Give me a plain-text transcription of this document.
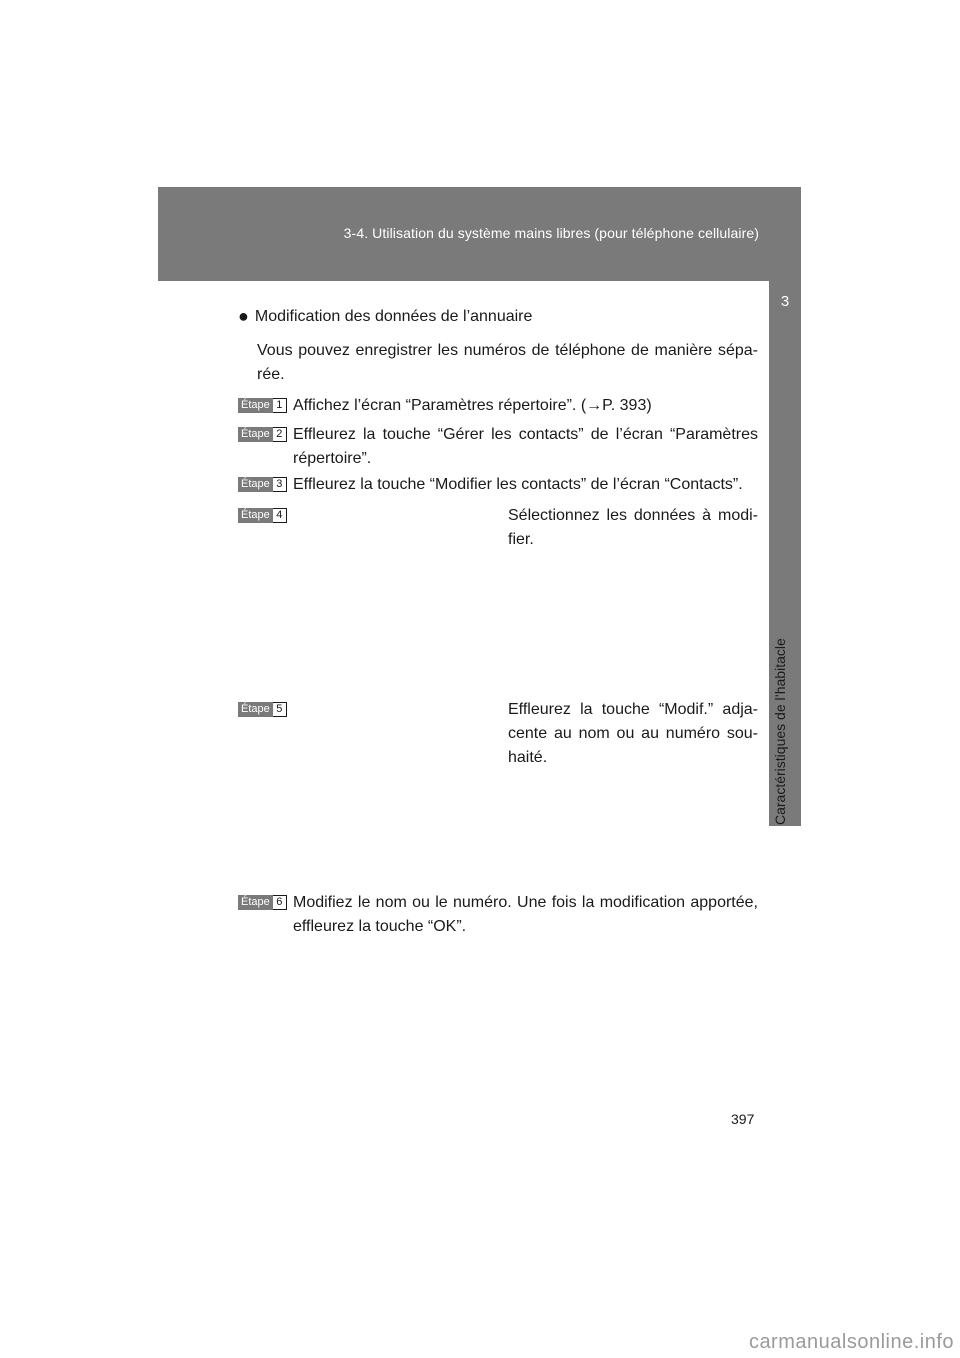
3-4. Utilisation du système mains libres (pour téléphone cellulaire)
3
Caractéristiques de l’habitacle
● Modification des données de l’annuaire
Vous pouvez enregistrer les numéros de téléphone de manière sépa-rée.
Étape 1 Affichez l’écran “Paramètres répertoire”. (→P. 393)
Étape 2 Effleurez la touche “Gérer les contacts” de l’écran “Paramètres répertoire”.
Étape 3 Effleurez la touche “Modifier les contacts” de l’écran “Contacts”.
Étape 4	Sélectionnez les données à modi-fier.
Étape 5	Effleurez la touche “Modif.” adja-cente au nom ou au numéro sou-haité.
Étape 6 Modifiez le nom ou le numéro. Une fois la modification apportée, effleurez la touche “OK”.
397
carmanualsonline.info
